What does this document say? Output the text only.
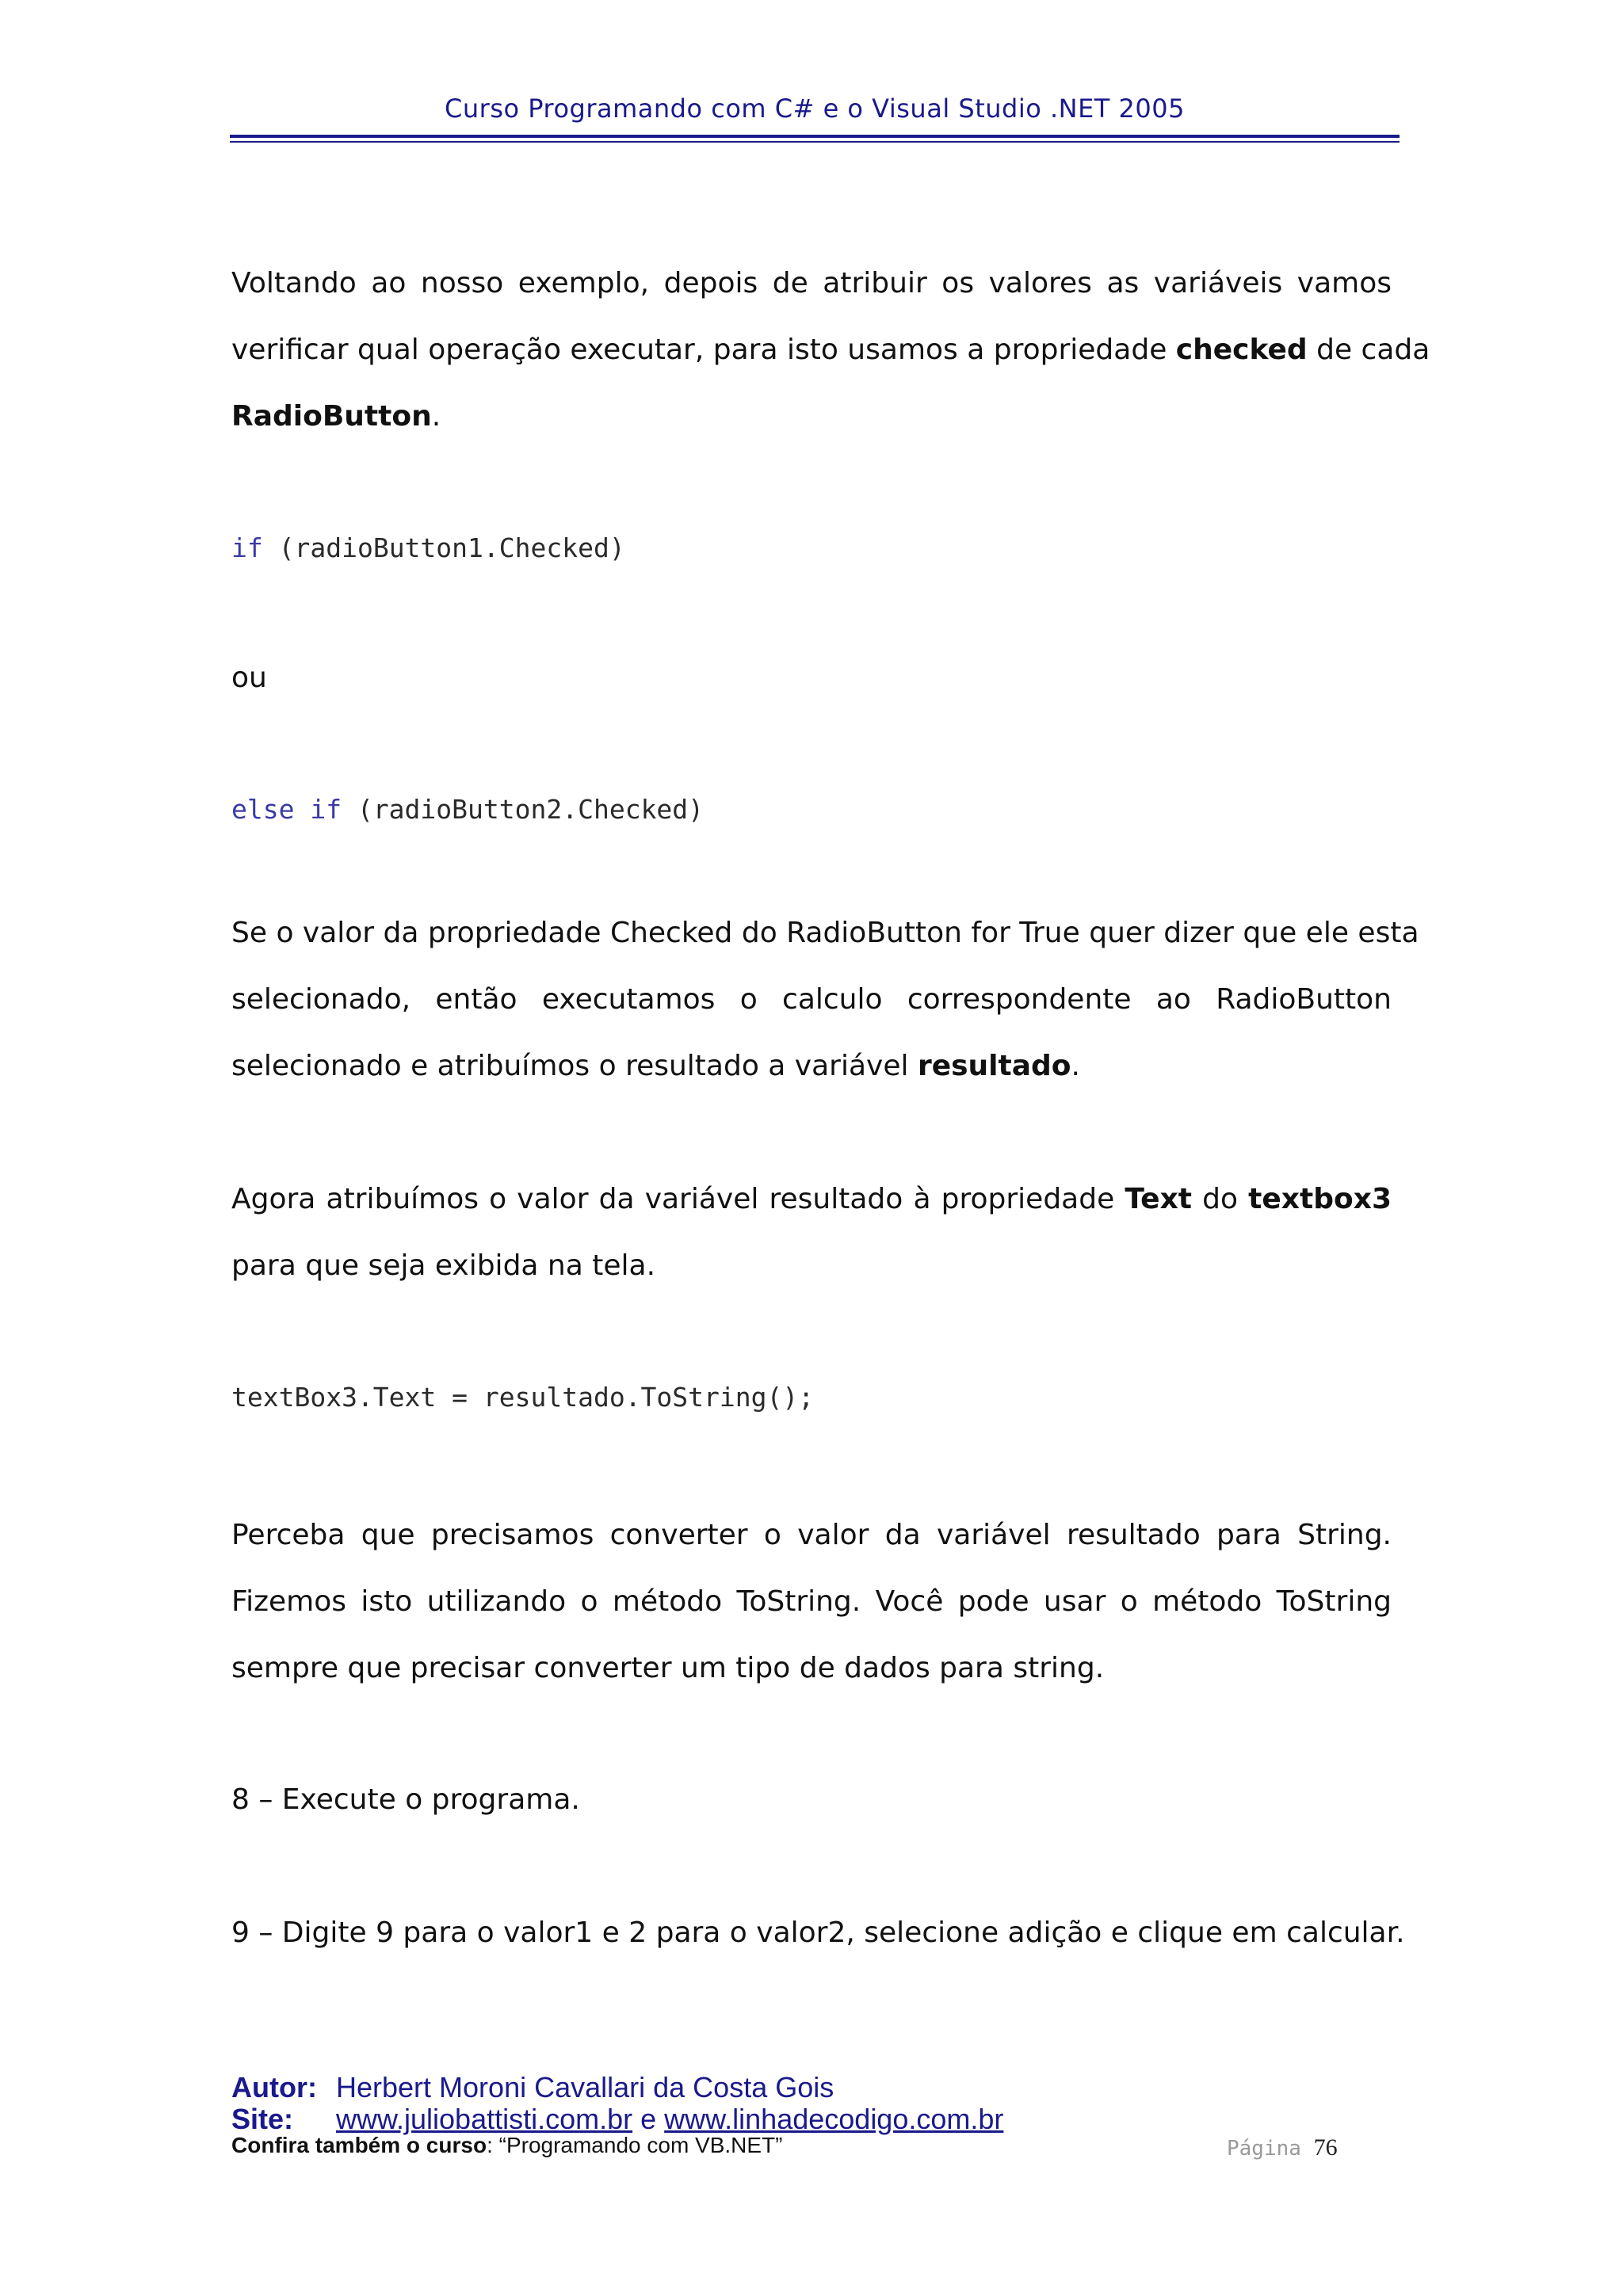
Curso Programando com C# e o Visual Studio .NET 2005
Voltando ao nosso exemplo, depois de atribuir os valores as variáveis vamos
verificar qual operação executar, para isto usamos a propriedade checked de cada
RadioButton.
if (radioButton1.Checked)
ou
else if (radioButton2.Checked)
Se o valor da propriedade Checked do RadioButton for True quer dizer que ele esta
selecionado, então executamos o calculo correspondente ao RadioButton
selecionado e atribuímos o resultado a variável resultado.
Agora atribuímos o valor da variável resultado à propriedade Text do textbox3
para que seja exibida na tela.
textBox3.Text = resultado.ToString();
Perceba que precisamos converter o valor da variável resultado para String.
Fizemos isto utilizando o método ToString. Você pode usar o método ToString
sempre que precisar converter um tipo de dados para string.
8 – Execute o programa.
9 – Digite 9 para o valor1 e 2 para o valor2, selecione adição e clique em calcular.
Autor: Herbert Moroni Cavallari da Costa Gois
Site: www.juliobattisti.com.br e www.linhadecodigo.com.br
Confira também o curso: “Programando com VB.NET”	Página 76
